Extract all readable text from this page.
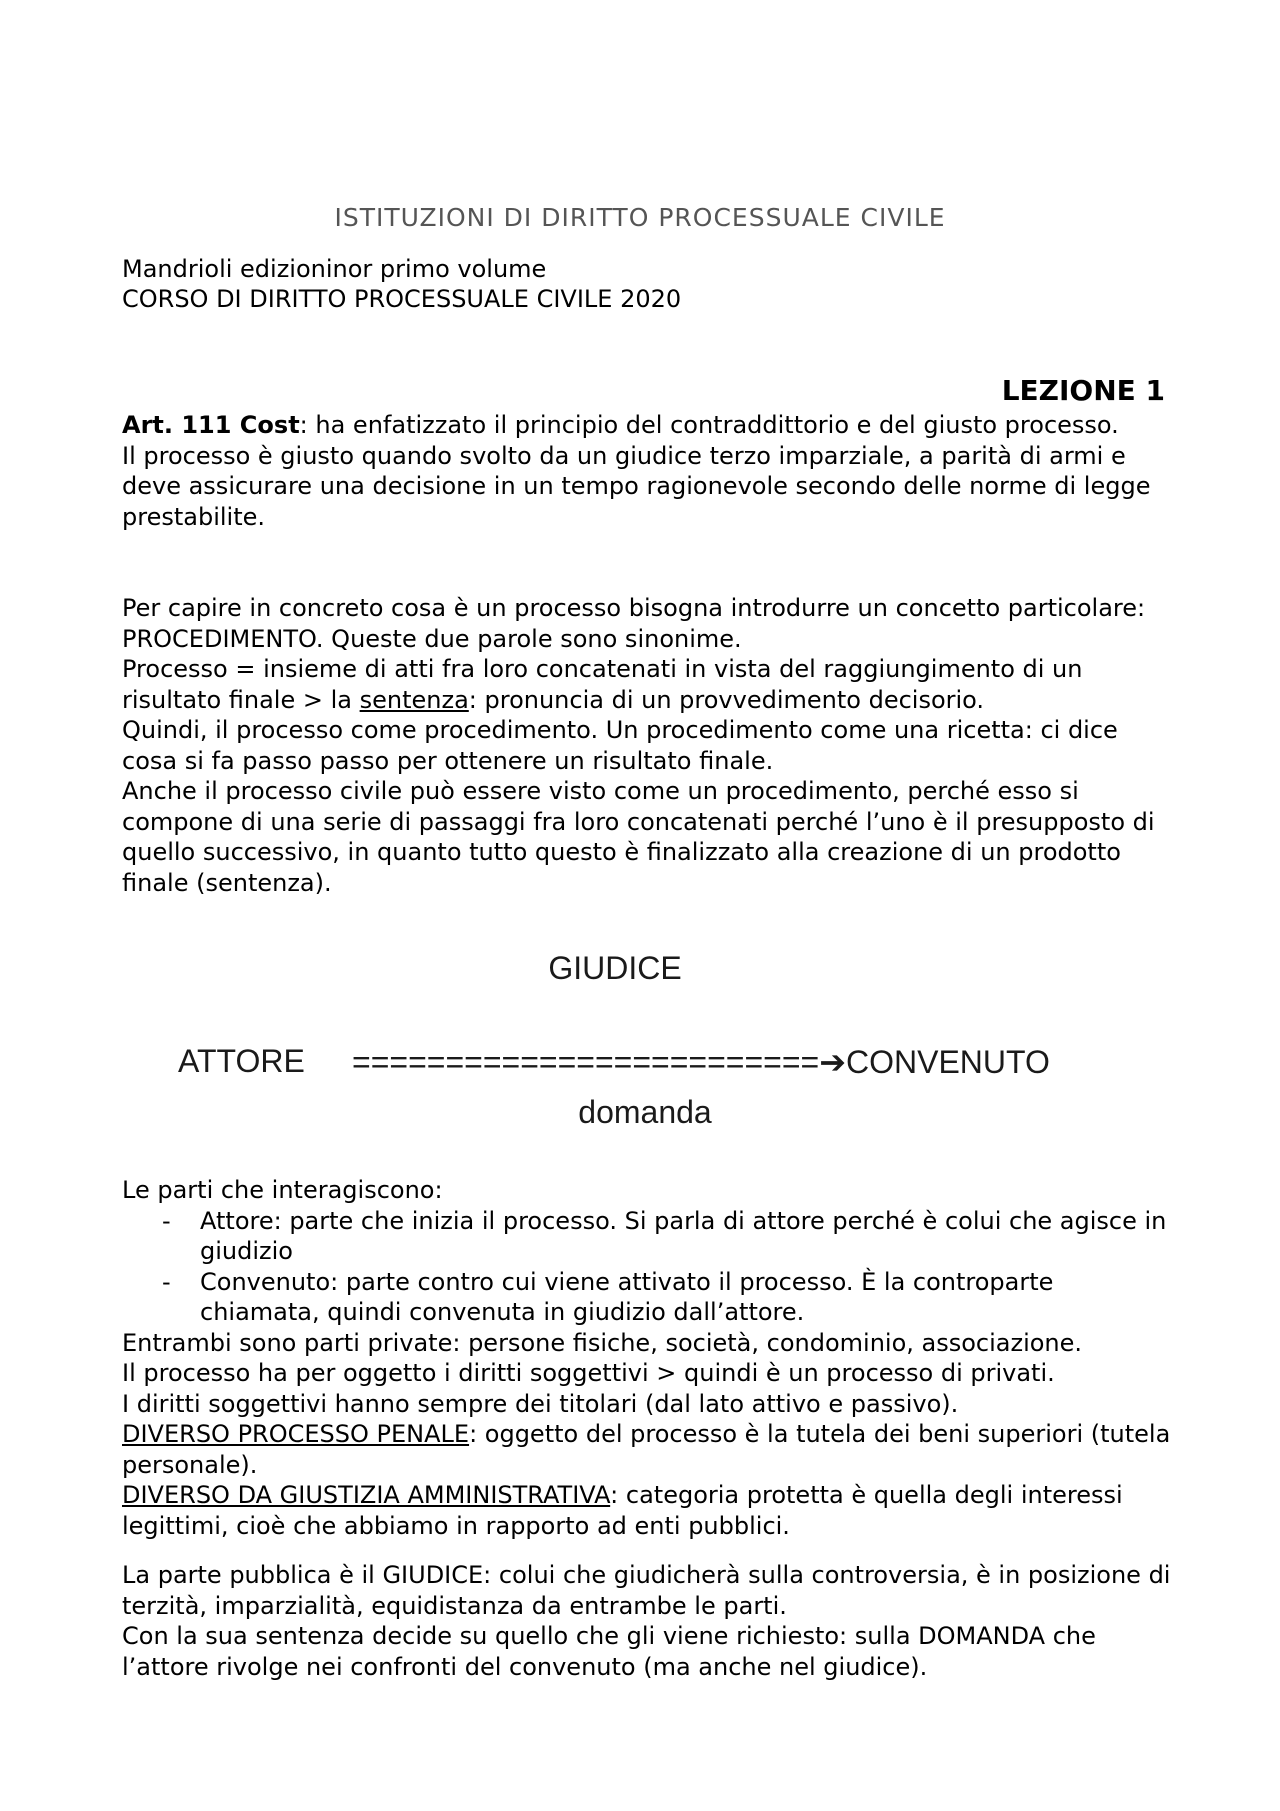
ISTITUZIONI DI DIRITTO PROCESSUALE CIVILE

Mandrioli edizioninor primo volume

CORSO DI DIRITTO PROCESSUALE CIVILE 2020

LEZIONE 1

Art. 111 Cost: ha enfatizzato il principio del contraddittorio e del giusto processo.

Il processo è giusto quando svolto da un giudice terzo imparziale, a parità di armi e deve assicurare una decisione in un tempo ragionevole secondo delle norme di legge prestabilite.

Per capire in concreto cosa è un processo bisogna introdurre un concetto particolare: PROCEDIMENTO. Queste due parole sono sinonime.

Processo = insieme di atti fra loro concatenati in vista del raggiungimento di un risultato finale > la sentenza: pronuncia di un provvedimento decisorio.

Quindi, il processo come procedimento. Un procedimento come una ricetta: ci dice cosa si fa passo passo per ottenere un risultato finale.

Anche il processo civile può essere visto come un procedimento, perché esso si compone di una serie di passaggi fra loro concatenati perché l’uno è il presupposto di quello successivo, in quanto tutto questo è finalizzato alla creazione di un prodotto finale (sentenza).

GIUDICE
ATTORE =========================➔CONVENUTO
domanda

Le parti che interagiscono:

- Attore: parte che inizia il processo. Si parla di attore perché è colui che agisce in giudizio
- Convenuto: parte contro cui viene attivato il processo. È la controparte chiamata, quindi convenuta in giudizio dall’attore.

Entrambi sono parti private: persone fisiche, società, condominio, associazione.

Il processo ha per oggetto i diritti soggettivi > quindi è un processo di privati.

I diritti soggettivi hanno sempre dei titolari (dal lato attivo e passivo).

DIVERSO PROCESSO PENALE: oggetto del processo è la tutela dei beni superiori (tutela personale).

DIVERSO DA GIUSTIZIA AMMINISTRATIVA: categoria protetta è quella degli interessi legittimi, cioè che abbiamo in rapporto ad enti pubblici.

La parte pubblica è il GIUDICE: colui che giudicherà sulla controversia, è in posizione di terzità, imparzialità, equidistanza da entrambe le parti.

Con la sua sentenza decide su quello che gli viene richiesto: sulla DOMANDA che l’attore rivolge nei confronti del convenuto (ma anche nel giudice).
